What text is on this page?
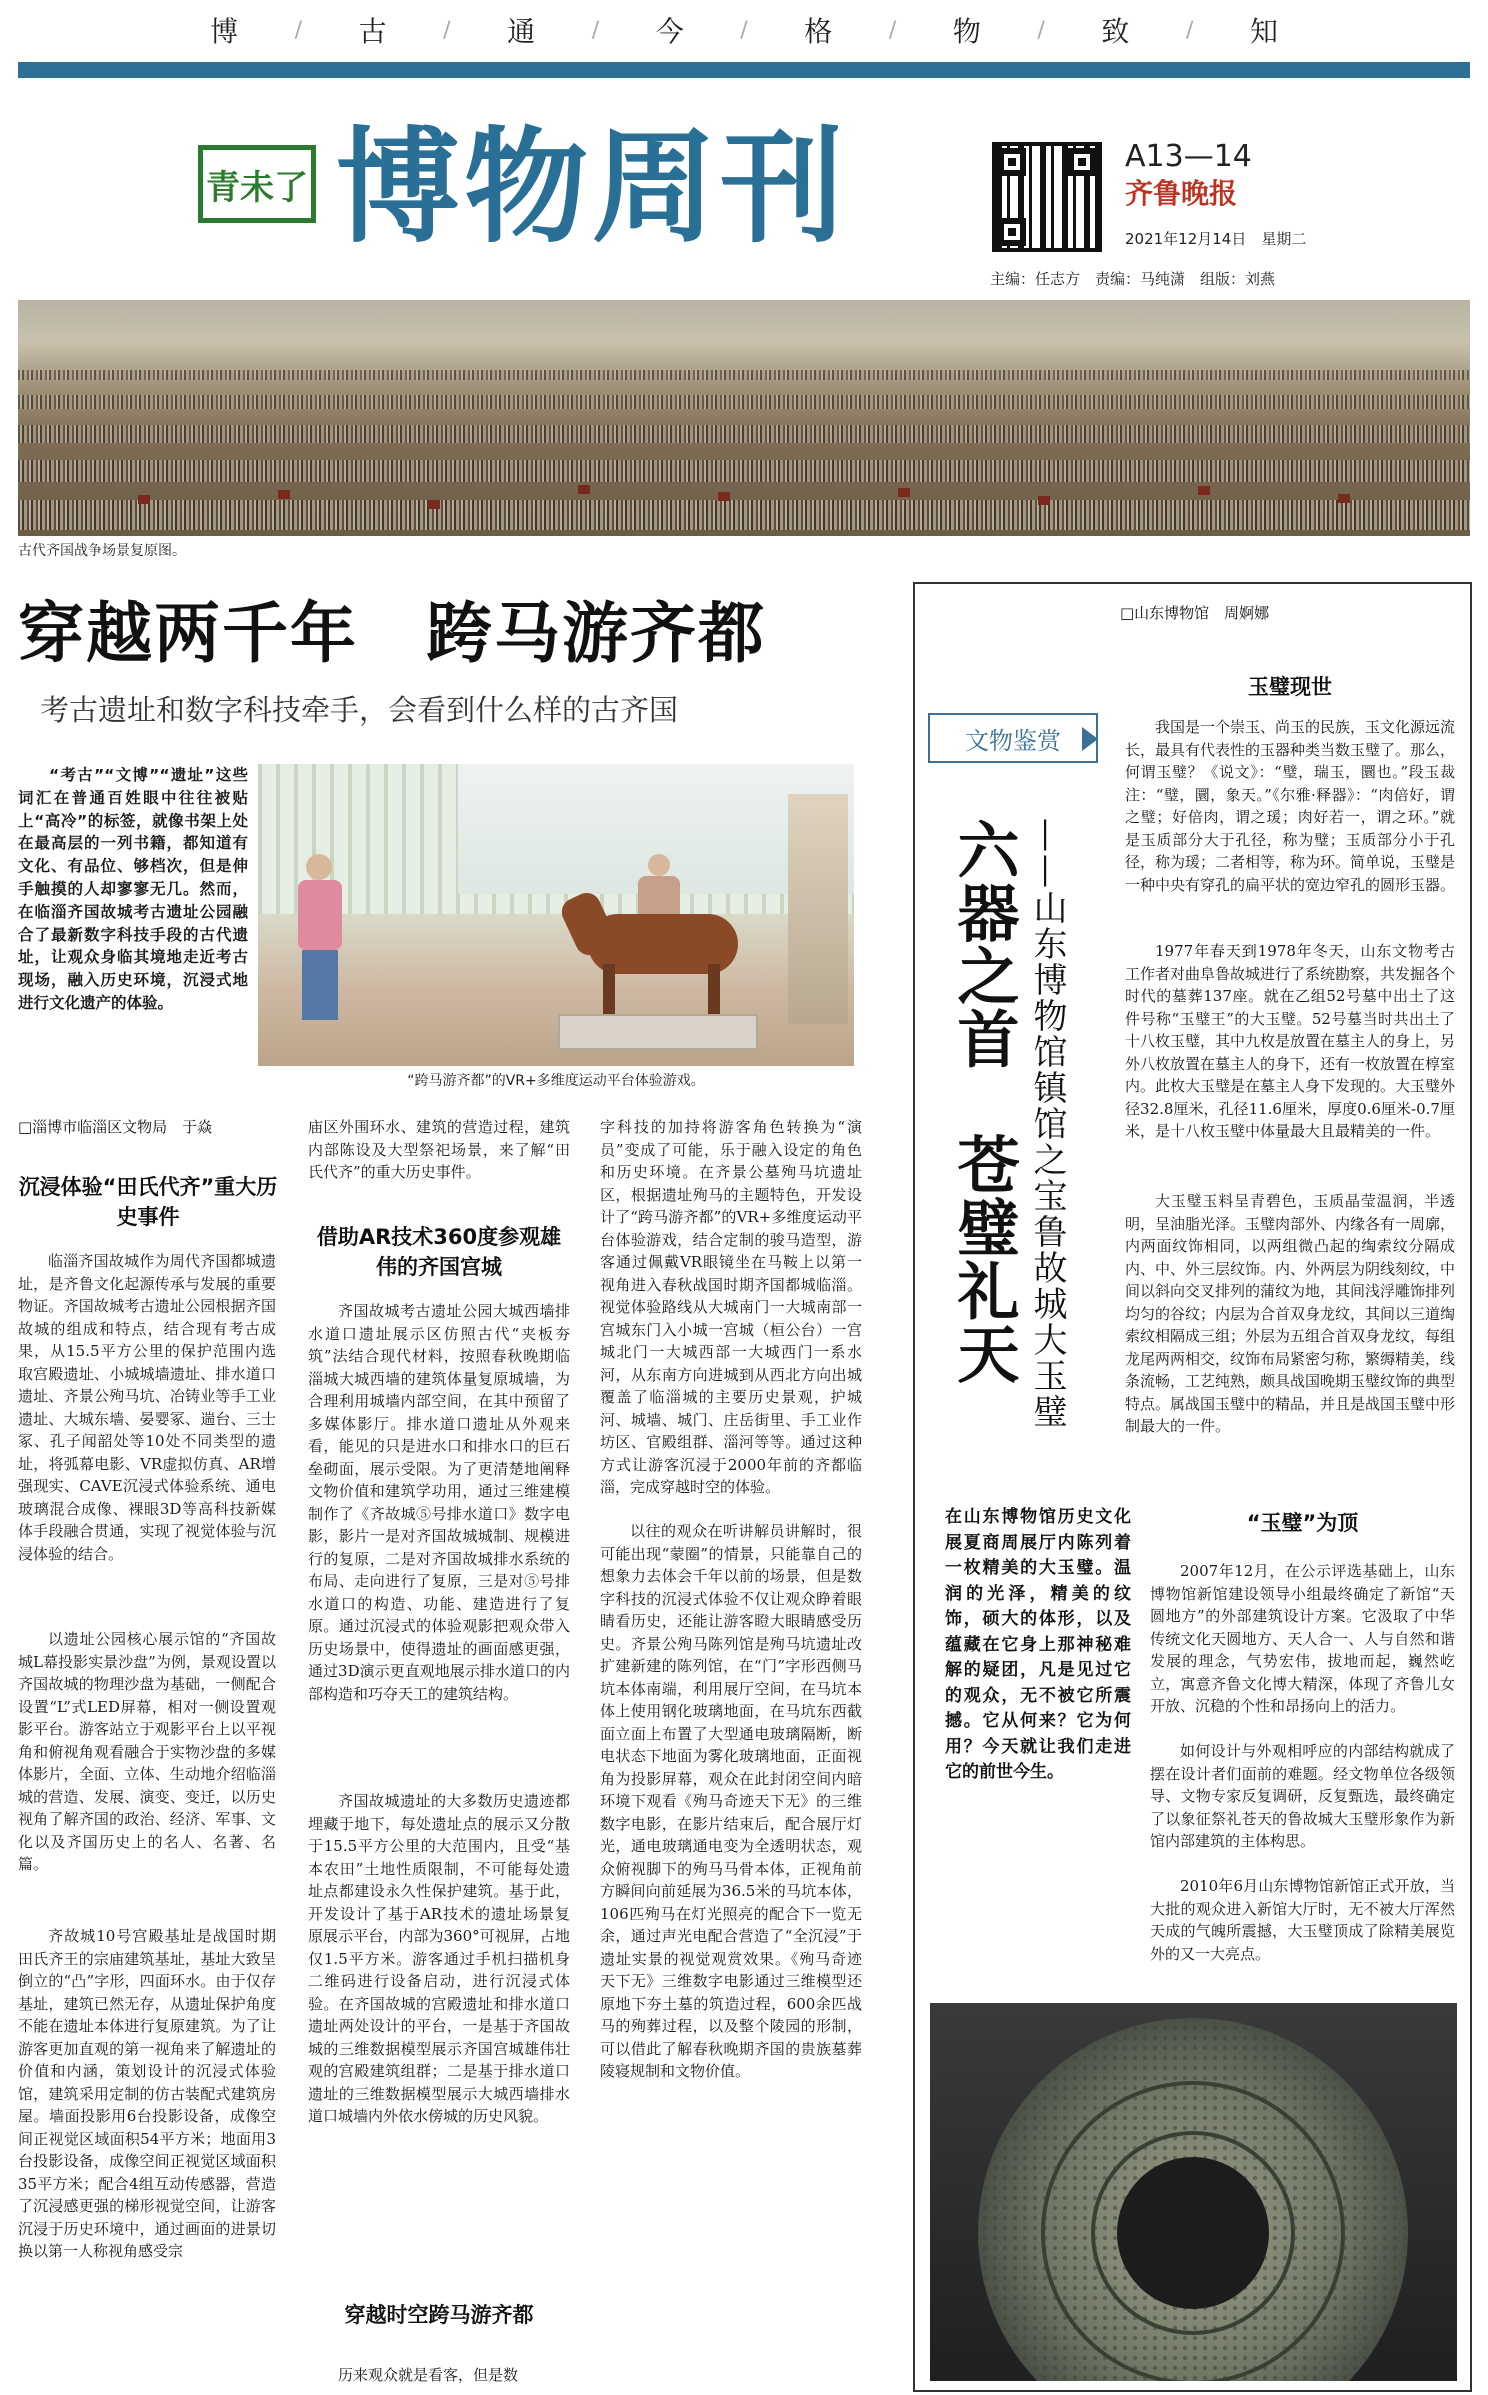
博	/ 古	/ 通	/ 今	/ 格	/ 物	/ 致	/ 知
青未了 博物周刊	A13—14
齐鲁晚报
2021年12月14日　 星期二
主编：任志方　责编：马纯潇　组版：刘燕
古代齐国战争场景复原图。
穿越两千年　跨马游齐都
考古遗址和数字科技牵手，会看到什么样的古齐国
“考古”“文博”“遗址”这些词汇在普通百姓眼中往往被贴上“高冷”的标签，就像书架上处在最高层的一列书籍，都知道有文化、有品位、够档次，但是伸手触摸的人却寥寥无几。然而，在临淄齐国故城考古遗址公园融合了最新数字科技手段的古代遗址，让观众身临其境地走近考古现场，融入历史环境，沉浸式地进行文化遗产的体验。
“跨马游齐都”的VR+多维度运动平台体验游戏。
□淄博市临淄区文物局　于焱
沉浸体验“田氏代齐”重大历史事件
临淄齐国故城作为周代齐国都城遗址，是齐鲁文化起源传承与发展的重要物证。齐国故城考古遗址公园根据齐国故城的组成和特点，结合现有考古成果，从15.5平方公里的保护范围内选取宫殿遗址、小城城墙遗址、排水道口遗址、齐景公殉马坑、冶铸业等手工业遗址、大城东墙、晏婴冢、遄台、三士冢、孔子闻韶处等10处不同类型的遗址，将弧幕电影、VR虚拟仿真、AR增强现实、CAVE沉浸式体验系统、通电玻璃混合成像、裸眼3D等高科技新媒体手段融合贯通，实现了视觉体验与沉浸体验的结合。
以遗址公园核心展示馆的“齐国故城L幕投影实景沙盘”为例，景观设置以齐国故城的物理沙盘为基础，一侧配合设置“L”式LED屏幕，相对一侧设置观影平台。游客站立于观影平台上以平视角和俯视角观看融合于实物沙盘的多媒体影片，全面、立体、生动地介绍临淄城的营造、发展、演变、变迁，以历史视角了解齐国的政治、经济、军事、文化以及齐国历史上的名人、名著、名篇。
齐故城10号宫殿基址是战国时期田氏齐王的宗庙建筑基址，基址大致呈倒立的“凸”字形，四面环水。由于仅存基址，建筑已然无存，从遗址保护角度不能在遗址本体进行复原建筑。为了让游客更加直观的第一视角来了解遗址的价值和内涵，策划设计的沉浸式体验馆，建筑采用定制的仿古装配式建筑房屋。墙面投影用6台投影设备，成像空间正视觉区域面积54平方米；地面用3台投影设备，成像空间正视觉区域面积35平方米；配合4组互动传感器，营造了沉浸感更强的梯形视觉空间，让游客沉浸于历史环境中，通过画面的进景切换以第一人称视角感受宗
庙区外围环水、建筑的营造过程，建筑内部陈设及大型祭祀场景，来了解“田氏代齐”的重大历史事件。
借助AR技术360度参观雄伟的齐国宫城
齐国故城考古遗址公园大城西墙排水道口遗址展示区仿照古代“夹板夯筑”法结合现代材料，按照春秋晚期临淄城大城西墙的建筑体量复原城墙，为合理利用城墙内部空间，在其中预留了多媒体影厅。排水道口遗址从外观来看，能见的只是进水口和排水口的巨石垒砌面，展示受限。为了更清楚地阐释文物价值和建筑学功用，通过三维建模制作了《齐故城⑤号排水道口》数字电影，影片一是对齐国故城城制、规模进行的复原，二是对齐国故城排水系统的布局、走向进行了复原，三是对⑤号排水道口的构造、功能、建造进行了复原。通过沉浸式的体验观影把观众带入历史场景中，使得遗址的画面感更强，通过3D演示更直观地展示排水道口的内部构造和巧夺天工的建筑结构。
齐国故城遗址的大多数历史遗迹都埋藏于地下，每处遗址点的展示又分散于15.5平方公里的大范围内，且受“基本农田”土地性质限制，不可能每处遗址点都建设永久性保护建筑。基于此，开发设计了基于AR技术的遗址场景复原展示平台，内部为360°可视屏，占地仅1.5平方米。游客通过手机扫描机身二维码进行设备启动，进行沉浸式体验。在齐国故城的宫殿遗址和排水道口遗址两处设计的平台，一是基于齐国故城的三维数据模型展示齐国宫城雄伟壮观的宫殿建筑组群；二是基于排水道口遗址的三维数据模型展示大城西墙排水道口城墙内外依水傍城的历史风貌。
穿越时空跨马游齐都
历来观众就是看客，但是数
字科技的加持将游客角色转换为“演员”变成了可能，乐于融入设定的角色和历史环境。在齐景公墓殉马坑遗址区，根据遗址殉马的主题特色，开发设计了“跨马游齐都”的VR+多维度运动平台体验游戏，结合定制的骏马造型，游客通过佩戴VR眼镜坐在马鞍上以第一视角进入春秋战国时期齐国都城临淄。视觉体验路线从大城南门一大城南部一宫城东门入小城一宫城（桓公台）一宫城北门一大城西部一大城西门一系水河，从东南方向进城到从西北方向出城覆盖了临淄城的主要历史景观，护城河、城墙、城门、庄岳街里、手工业作坊区、官殿组群、淄河等等。通过这种方式让游客沉浸于2000年前的齐都临淄，完成穿越时空的体验。
以往的观众在听讲解员讲解时，很可能出现“蒙圈”的情景，只能靠自己的想象力去体会千年以前的场景，但是数字科技的沉浸式体验不仅让观众睁着眼睛看历史，还能让游客瞪大眼睛感受历史。齐景公殉马陈列馆是殉马坑遗址改扩建新建的陈列馆，在“门”字形西侧马坑本体南端，利用展厅空间，在马坑本体上使用钢化玻璃地面，在马坑东西截面立面上布置了大型通电玻璃隔断，断电状态下地面为雾化玻璃地面，正面视角为投影屏幕，观众在此封闭空间内暗环境下观看《殉马奇迹天下无》的三维数字电影，在影片结束后，配合展厅灯光，通电玻璃通电变为全透明状态，观众俯视脚下的殉马马骨本体，正视角前方瞬间向前延展为36.5米的马坑本体，106匹殉马在灯光照亮的配合下一览无余，通过声光电配合营造了“全沉浸”于遗址实景的视觉观赏效果。《殉马奇迹天下无》三维数字电影通过三维模型还原地下夯土墓的筑造过程，600余匹战马的殉葬过程，以及整个陵园的形制，可以借此了解春秋晚期齐国的贵族墓葬陵寝规制和文物价值。
□山东博物馆　周婀娜
文物鉴赏
六器之首　苍璧礼天 ——山东博物馆镇馆之宝鲁故城大玉璧
在山东博物馆历史文化展夏商周展厅内陈列着一枚精美的大玉璧。温润的光泽，精美的纹饰，硕大的体形，以及蕴藏在它身上那神秘难解的疑团，凡是见过它的观众，无不被它所震撼。它从何来？它为何用？今天就让我们走进它的前世今生。
玉璧现世
我国是一个崇玉、尚玉的民族，玉文化源远流长，最具有代表性的玉器种类当数玉璧了。那么，何谓玉璧？《说文》：“璧，瑞玉，圜也。”段玉裁注：“璧，圜，象天。”《尔雅·释器》：“肉倍好，谓之璧；好倍肉，谓之瑗；肉好若一，谓之环。”就是玉质部分大于孔径，称为璧；玉质部分小于孔径，称为瑗；二者相等，称为环。简单说，玉璧是一种中央有穿孔的扁平状的宽边窄孔的圆形玉器。
1977年春天到1978年冬天，山东文物考古工作者对曲阜鲁故城进行了系统勘察，共发掘各个时代的墓葬137座。就在乙组52号墓中出土了这件号称“玉璧王”的大玉璧。52号墓当时共出土了十八枚玉璧，其中九枚是放置在墓主人的身上，另外八枚放置在墓主人的身下，还有一枚放置在椁室内。此枚大玉璧是在墓主人身下发现的。大玉璧外径32.8厘米，孔径11.6厘米，厚度0.6厘米-0.7厘米，是十八枚玉璧中体量最大且最精美的一件。
大玉璧玉料呈青碧色，玉质晶莹温润，半透明，呈油脂光泽。玉璧肉部外、内缘各有一周廓，内两面纹饰相同，以两组微凸起的绹索纹分隔成内、中、外三层纹饰。内、外两层为阴线刻纹，中间以斜向交叉排列的蒲纹为地，其间浅浮雕饰排列均匀的谷纹；内层为合首双身龙纹，其间以三道绹索纹相隔成三组；外层为五组合首双身龙纹，每组龙尾两两相交，纹饰布局紧密匀称，繁缛精美，线条流畅，工艺纯熟，颇具战国晚期玉璧纹饰的典型特点。属战国玉璧中的精品，并且是战国玉璧中形制最大的一件。
“玉璧”为顶
2007年12月，在公示评选基础上，山东博物馆新馆建设领导小组最终确定了新馆“天圆地方”的外部建筑设计方案。它汲取了中华传统文化天圆地方、天人合一、人与自然和谐发展的理念，气势宏伟，拔地而起，巍然屹立，寓意齐鲁文化博大精深，体现了齐鲁儿女开放、沉稳的个性和昂扬向上的活力。
如何设计与外观相呼应的内部结构就成了摆在设计者们面前的难题。经文物单位各级领导、文物专家反复调研，反复甄选，最终确定了以象征祭礼苍天的鲁故城大玉璧形象作为新馆内部建筑的主体构思。
2010年6月山东博物馆新馆正式开放，当大批的观众进入新馆大厅时，无不被大厅浑然天成的气魄所震撼，大玉璧顶成了除精美展览外的又一大亮点。
